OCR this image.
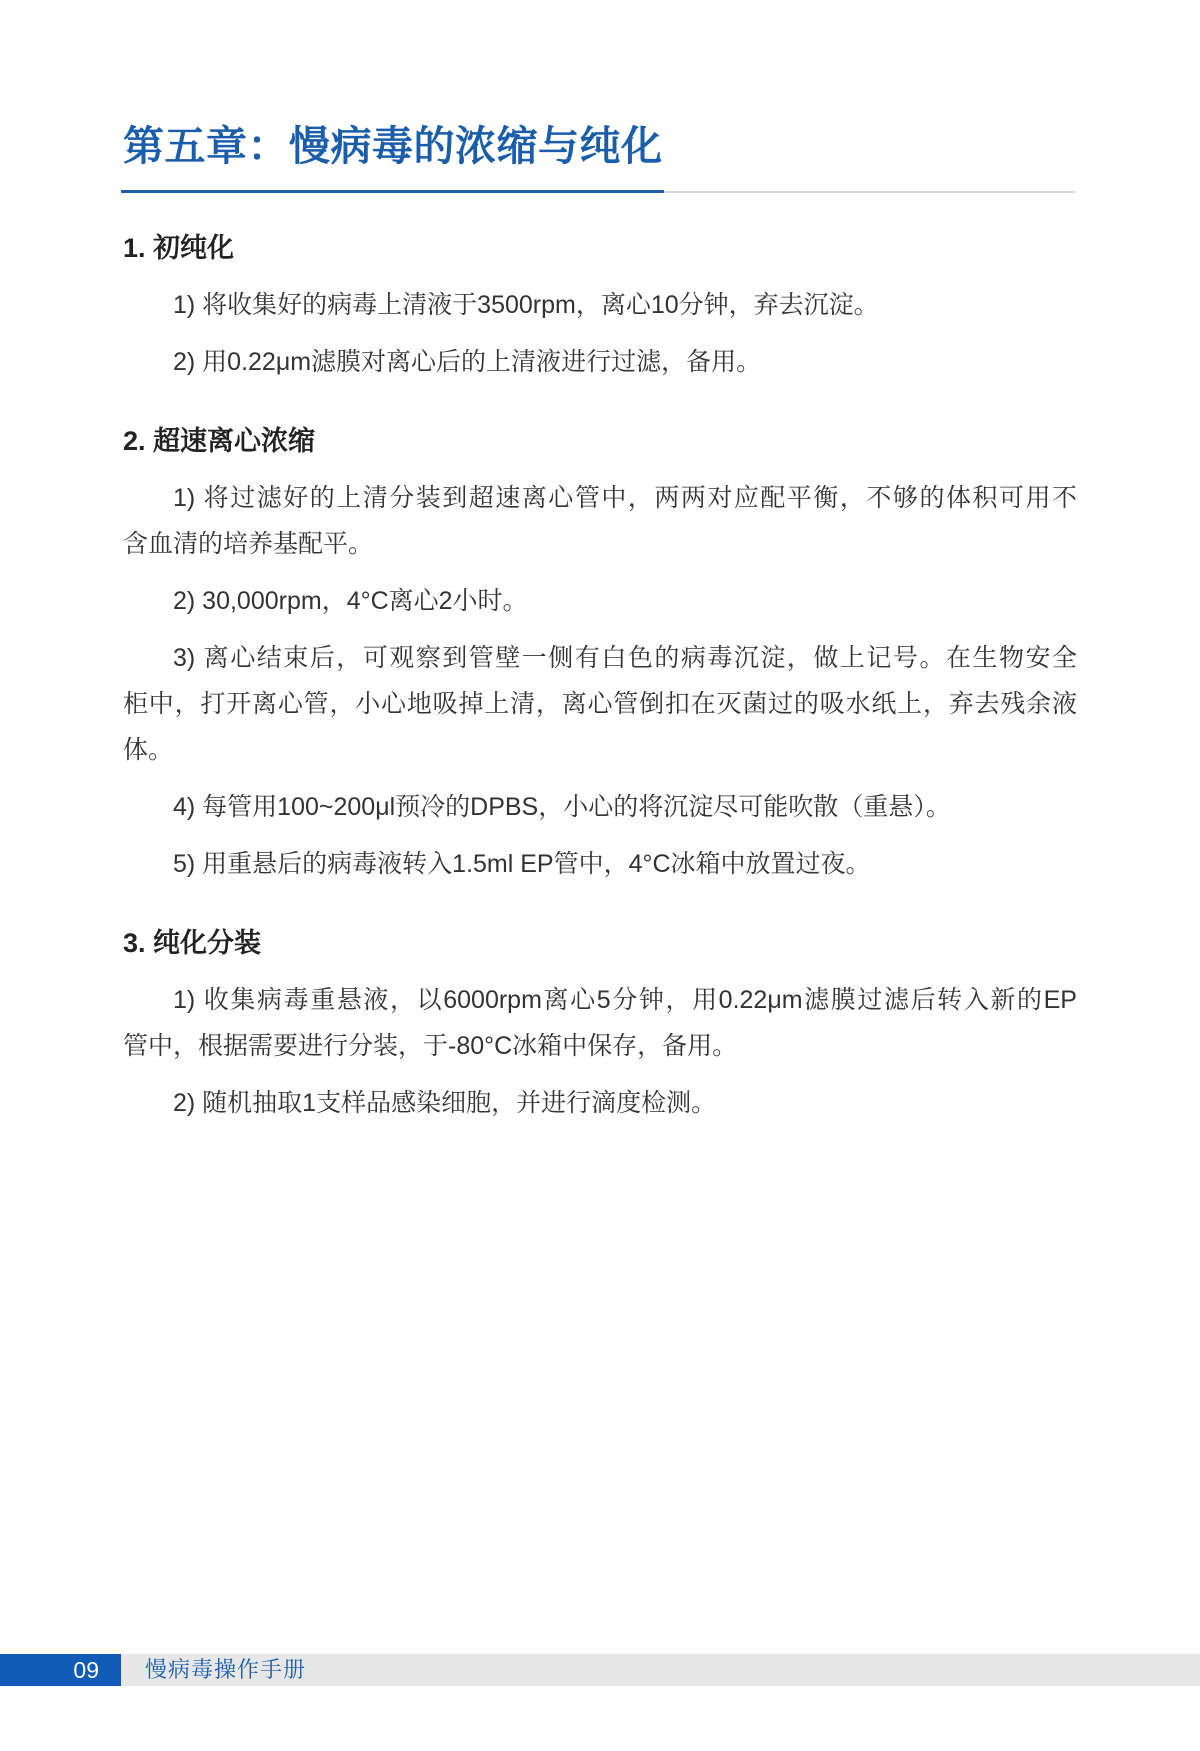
第五章：慢病毒的浓缩与纯化
1. 初纯化
1) 将收集好的病毒上清液于3500rpm，离心10分钟，弃去沉淀。
2) 用0.22μm滤膜对离心后的上清液进行过滤，备用。
2. 超速离心浓缩
1) 将过滤好的上清分装到超速离心管中，两两对应配平衡，不够的体积可用不
含血清的培养基配平。
2) 30,000rpm，4°C离心2小时。
3) 离心结束后，可观察到管壁一侧有白色的病毒沉淀，做上记号。在生物安全
柜中，打开离心管，小心地吸掉上清，离心管倒扣在灭菌过的吸水纸上，弃去残余液
体。
4) 每管用100~200μl预冷的DPBS，小心的将沉淀尽可能吹散（重悬）。
5) 用重悬后的病毒液转入1.5ml EP管中，4°C冰箱中放置过夜。
3. 纯化分装
1) 收集病毒重悬液，以6000rpm离心5分钟，用0.22μm滤膜过滤后转入新的EP
管中，根据需要进行分装，于-80°C冰箱中保存，备用。
2) 随机抽取1支样品感染细胞，并进行滴度检测。
09	慢病毒操作手册
